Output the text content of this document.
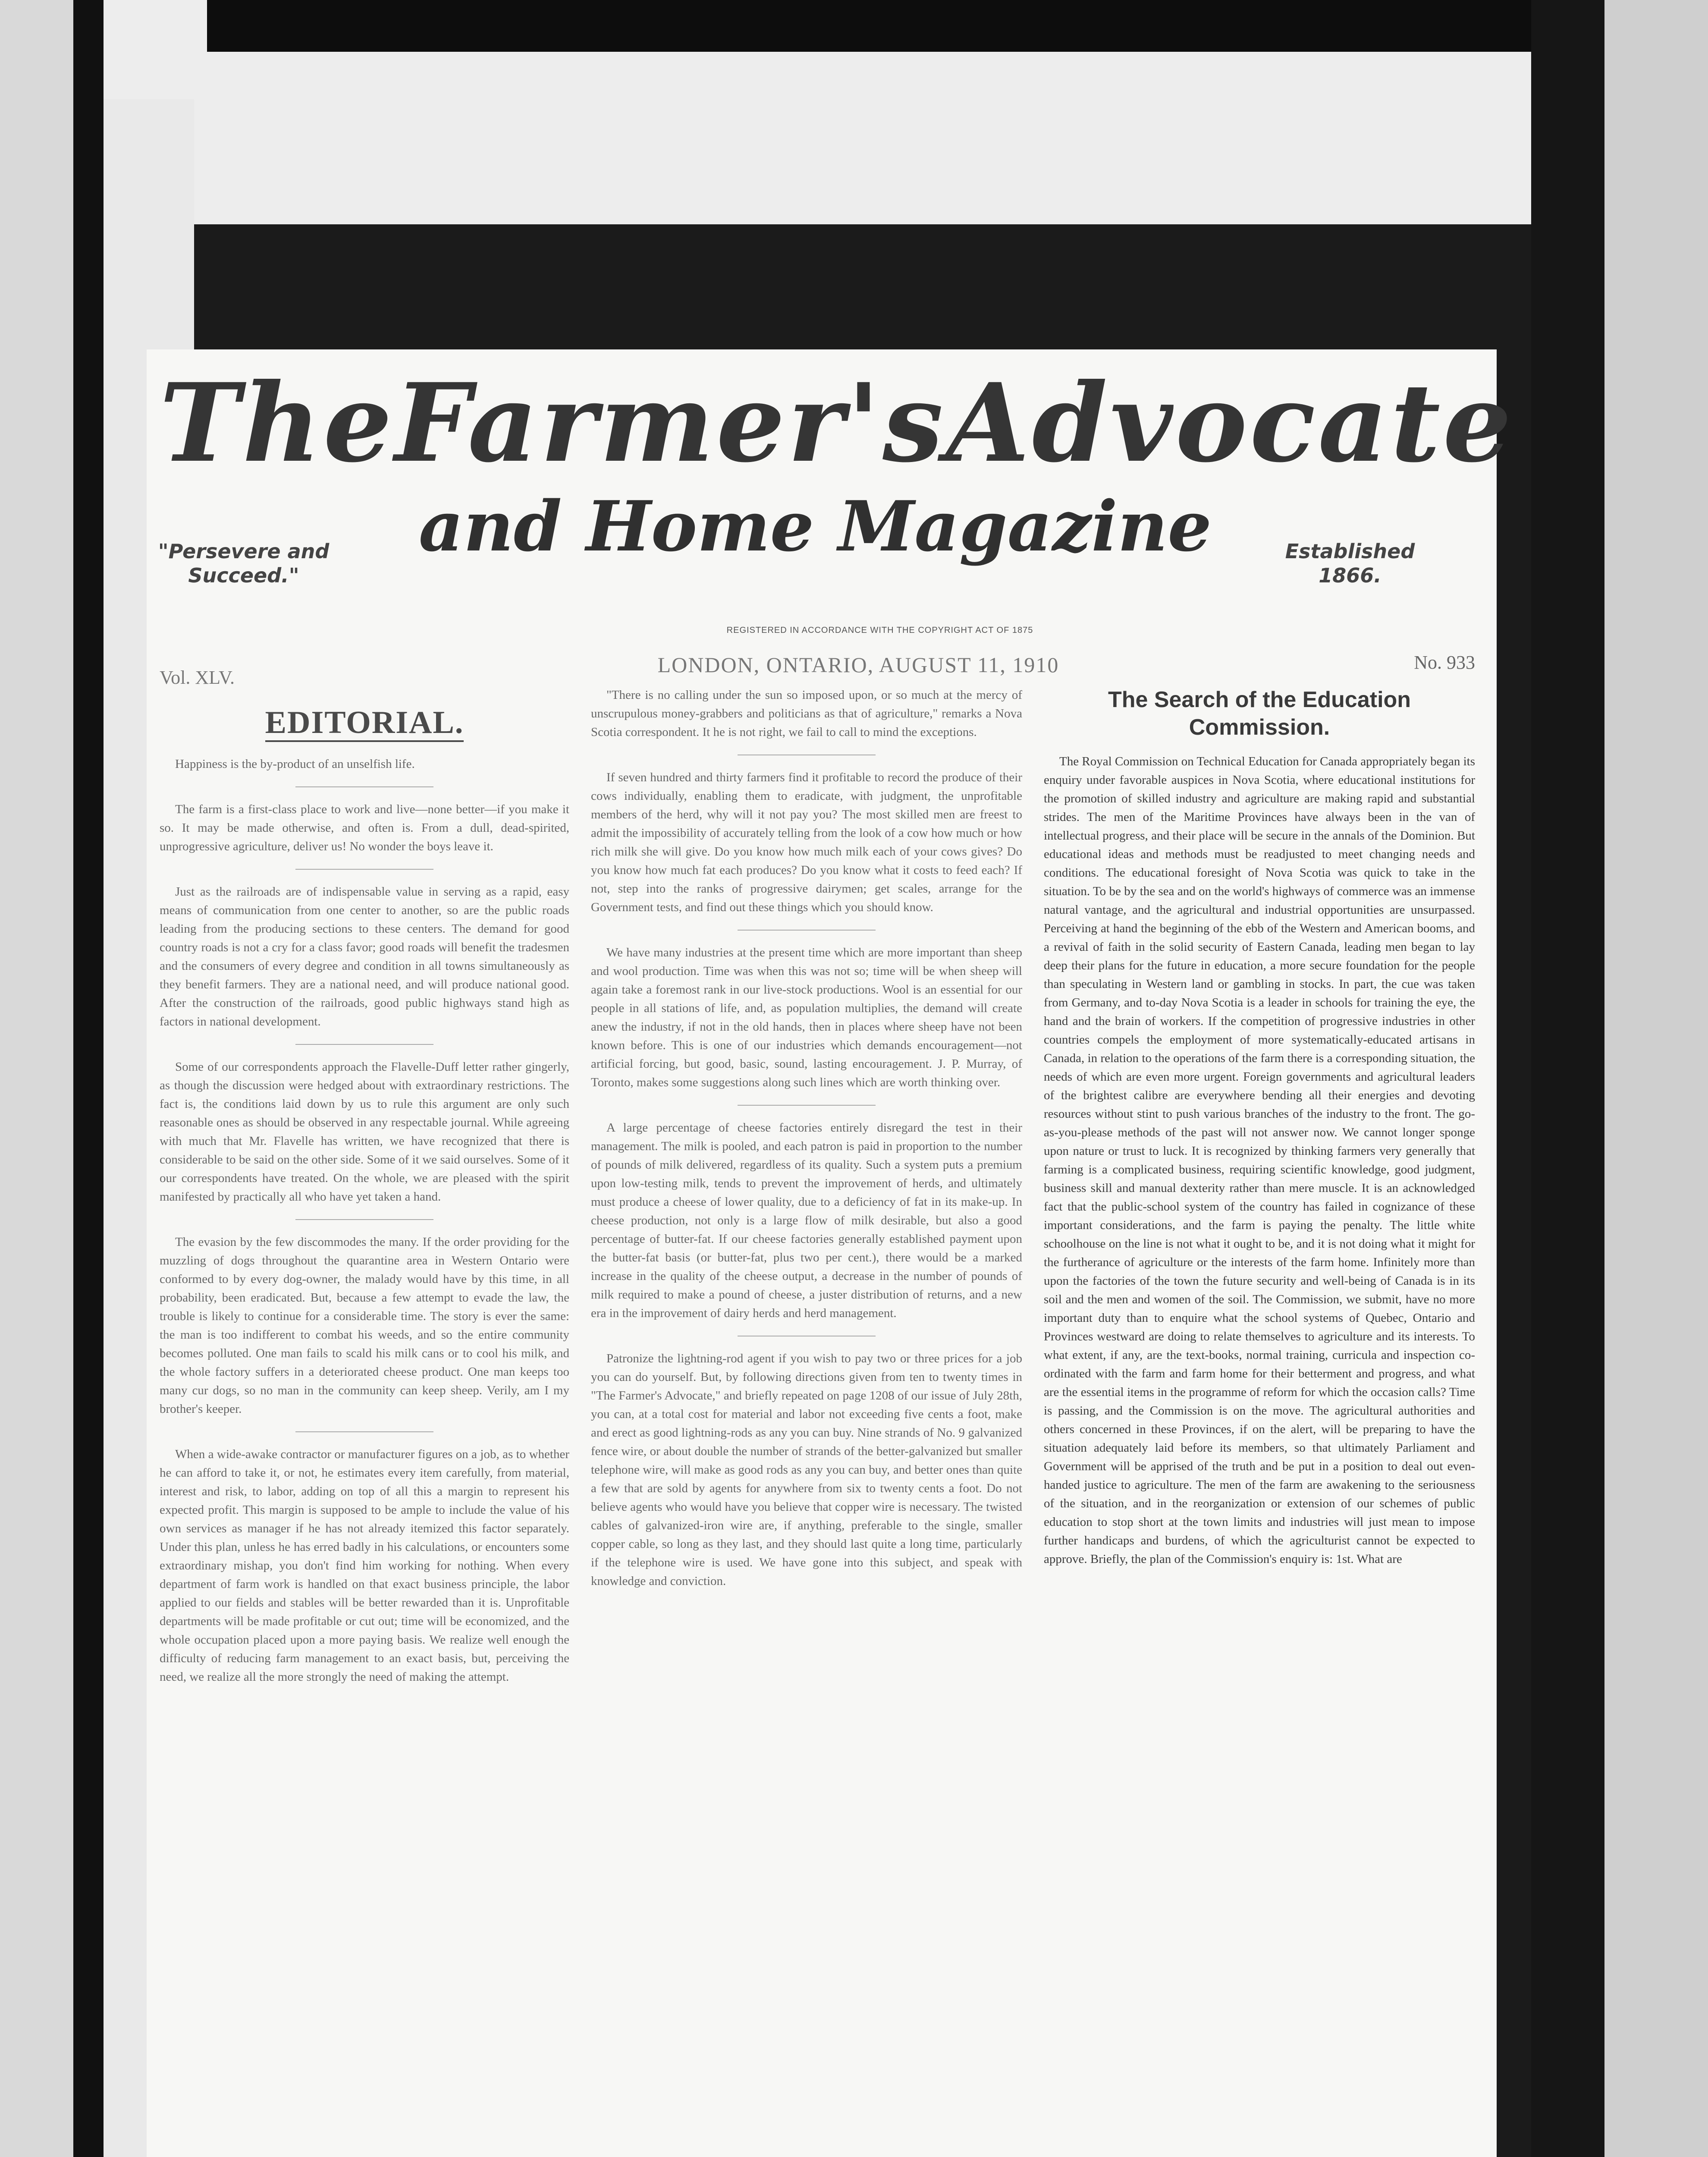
The Farmer's Advocate
and Home Magazine
"Persevere and Succeed."
Established 1866.
REGISTERED IN ACCORDANCE WITH THE COPYRIGHT ACT OF 1875
Vol. XLV.
LONDON, ONTARIO, AUGUST 11, 1910	No. 933
EDITORIAL.

Happiness is the by-product of an unselfish life.

The farm is a first-class place to work and live—none better—if you make it so. It may be made otherwise, and often is. From a dull, dead-spirited, unprogressive agriculture, deliver us! No wonder the boys leave it.

Just as the railroads are of indispensable value in serving as a rapid, easy means of communication from one center to another, so are the public roads leading from the producing sections to these centers. The demand for good country roads is not a cry for a class favor; good roads will benefit the tradesmen and the consumers of every degree and condition in all towns simultaneously as they benefit farmers. They are a national need, and will produce national good. After the construction of the railroads, good public highways stand high as factors in national development.

Some of our correspondents approach the Flavelle-Duff letter rather gingerly, as though the discussion were hedged about with extraordinary restrictions. The fact is, the conditions laid down by us to rule this argument are only such reasonable ones as should be observed in any respectable journal. While agreeing with much that Mr. Flavelle has written, we have recognized that there is considerable to be said on the other side. Some of it we said ourselves. Some of it our correspondents have treated. On the whole, we are pleased with the spirit manifested by practically all who have yet taken a hand.

The evasion by the few discommodes the many. If the order providing for the muzzling of dogs throughout the quarantine area in Western Ontario were conformed to by every dog-owner, the malady would have by this time, in all probability, been eradicated. But, because a few attempt to evade the law, the trouble is likely to continue for a considerable time. The story is ever the same: the man is too indifferent to combat his weeds, and so the entire community becomes polluted. One man fails to scald his milk cans or to cool his milk, and the whole factory suffers in a deteriorated cheese product. One man keeps too many cur dogs, so no man in the community can keep sheep. Verily, am I my brother's keeper.

When a wide-awake contractor or manufacturer figures on a job, as to whether he can afford to take it, or not, he estimates every item carefully, from material, interest and risk, to labor, adding on top of all this a margin to represent his expected profit. This margin is supposed to be ample to include the value of his own services as manager if he has not already itemized this factor separately. Under this plan, unless he has erred badly in his calculations, or encounters some extraordinary mishap, you don't find him working for nothing. When every department of farm work is handled on that exact business principle, the labor applied to our fields and stables will be better rewarded than it is. Unprofitable departments will be made profitable or cut out; time will be economized, and the whole occupation placed upon a more paying basis. We realize well enough the difficulty of reducing farm management to an exact basis, but, perceiving the need, we realize all the more strongly the need of making the attempt.

"There is no calling under the sun so imposed upon, or so much at the mercy of unscrupulous money-grabbers and politicians as that of agriculture," remarks a Nova Scotia correspondent. It he is not right, we fail to call to mind the exceptions.

If seven hundred and thirty farmers find it profitable to record the produce of their cows individually, enabling them to eradicate, with judgment, the unprofitable members of the herd, why will it not pay you? The most skilled men are freest to admit the impossibility of accurately telling from the look of a cow how much or how rich milk she will give. Do you know how much milk each of your cows gives? Do you know how much fat each produces? Do you know what it costs to feed each? If not, step into the ranks of progressive dairymen; get scales, arrange for the Government tests, and find out these things which you should know.

We have many industries at the present time which are more important than sheep and wool production. Time was when this was not so; time will be when sheep will again take a foremost rank in our live-stock productions. Wool is an essential for our people in all stations of life, and, as population multiplies, the demand will create anew the industry, if not in the old hands, then in places where sheep have not been known before. This is one of our industries which demands encouragement—not artificial forcing, but good, basic, sound, lasting encouragement. J. P. Murray, of Toronto, makes some suggestions along such lines which are worth thinking over.

A large percentage of cheese factories entirely disregard the test in their management. The milk is pooled, and each patron is paid in proportion to the number of pounds of milk delivered, regardless of its quality. Such a system puts a premium upon low-testing milk, tends to prevent the improvement of herds, and ultimately must produce a cheese of lower quality, due to a deficiency of fat in its make-up. In cheese production, not only is a large flow of milk desirable, but also a good percentage of butter-fat. If our cheese factories generally established payment upon the butter-fat basis (or butter-fat, plus two per cent.), there would be a marked increase in the quality of the cheese output, a decrease in the number of pounds of milk required to make a pound of cheese, a juster distribution of returns, and a new era in the improvement of dairy herds and herd management.

Patronize the lightning-rod agent if you wish to pay two or three prices for a job you can do yourself. But, by following directions given from ten to twenty times in "The Farmer's Advocate," and briefly repeated on page 1208 of our issue of July 28th, you can, at a total cost for material and labor not exceeding five cents a foot, make and erect as good lightning-rods as any you can buy. Nine strands of No. 9 galvanized fence wire, or about double the number of strands of the better-galvanized but smaller telephone wire, will make as good rods as any you can buy, and better ones than quite a few that are sold by agents for anywhere from six to twenty cents a foot. Do not believe agents who would have you believe that copper wire is necessary. The twisted cables of galvanized-iron wire are, if anything, preferable to the single, smaller copper cable, so long as they last, and they should last quite a long time, particularly if the telephone wire is used. We have gone into this subject, and speak with knowledge and conviction.

The Search of the Education Commission.

The Royal Commission on Technical Education for Canada appropriately began its enquiry under favorable auspices in Nova Scotia, where educational institutions for the promotion of skilled industry and agriculture are making rapid and substantial strides. The men of the Maritime Provinces have always been in the van of intellectual progress, and their place will be secure in the annals of the Dominion. But educational ideas and methods must be readjusted to meet changing needs and conditions. The educational foresight of Nova Scotia was quick to take in the situation. To be by the sea and on the world's highways of commerce was an immense natural vantage, and the agricultural and industrial opportunities are unsurpassed. Perceiving at hand the beginning of the ebb of the Western and American booms, and a revival of faith in the solid security of Eastern Canada, leading men began to lay deep their plans for the future in education, a more secure foundation for the people than speculating in Western land or gambling in stocks. In part, the cue was taken from Germany, and to-day Nova Scotia is a leader in schools for training the eye, the hand and the brain of workers. If the competition of progressive industries in other countries compels the employment of more systematically-educated artisans in Canada, in relation to the operations of the farm there is a corresponding situation, the needs of which are even more urgent. Foreign governments and agricultural leaders of the brightest calibre are everywhere bending all their energies and devoting resources without stint to push various branches of the industry to the front. The go-as-you-please methods of the past will not answer now. We cannot longer sponge upon nature or trust to luck. It is recognized by thinking farmers very generally that farming is a complicated business, requiring scientific knowledge, good judgment, business skill and manual dexterity rather than mere muscle. It is an acknowledged fact that the public-school system of the country has failed in cognizance of these important considerations, and the farm is paying the penalty. The little white schoolhouse on the line is not what it ought to be, and it is not doing what it might for the furtherance of agriculture or the interests of the farm home. Infinitely more than upon the factories of the town the future security and well-being of Canada is in its soil and the men and women of the soil. The Commission, we submit, have no more important duty than to enquire what the school systems of Quebec, Ontario and Provinces westward are doing to relate themselves to agriculture and its interests. To what extent, if any, are the text-books, normal training, curricula and inspection co-ordinated with the farm and farm home for their betterment and progress, and what are the essential items in the programme of reform for which the occasion calls? Time is passing, and the Commission is on the move. The agricultural authorities and others concerned in these Provinces, if on the alert, will be preparing to have the situation adequately laid before its members, so that ultimately Parliament and Government will be apprised of the truth and be put in a position to deal out even-handed justice to agriculture. The men of the farm are awakening to the seriousness of the situation, and in the reorganization or extension of our schemes of public education to stop short at the town limits and industries will just mean to impose further handicaps and burdens, of which the agriculturist cannot be expected to approve. Briefly, the plan of the Commission's enquiry is: 1st. What are
